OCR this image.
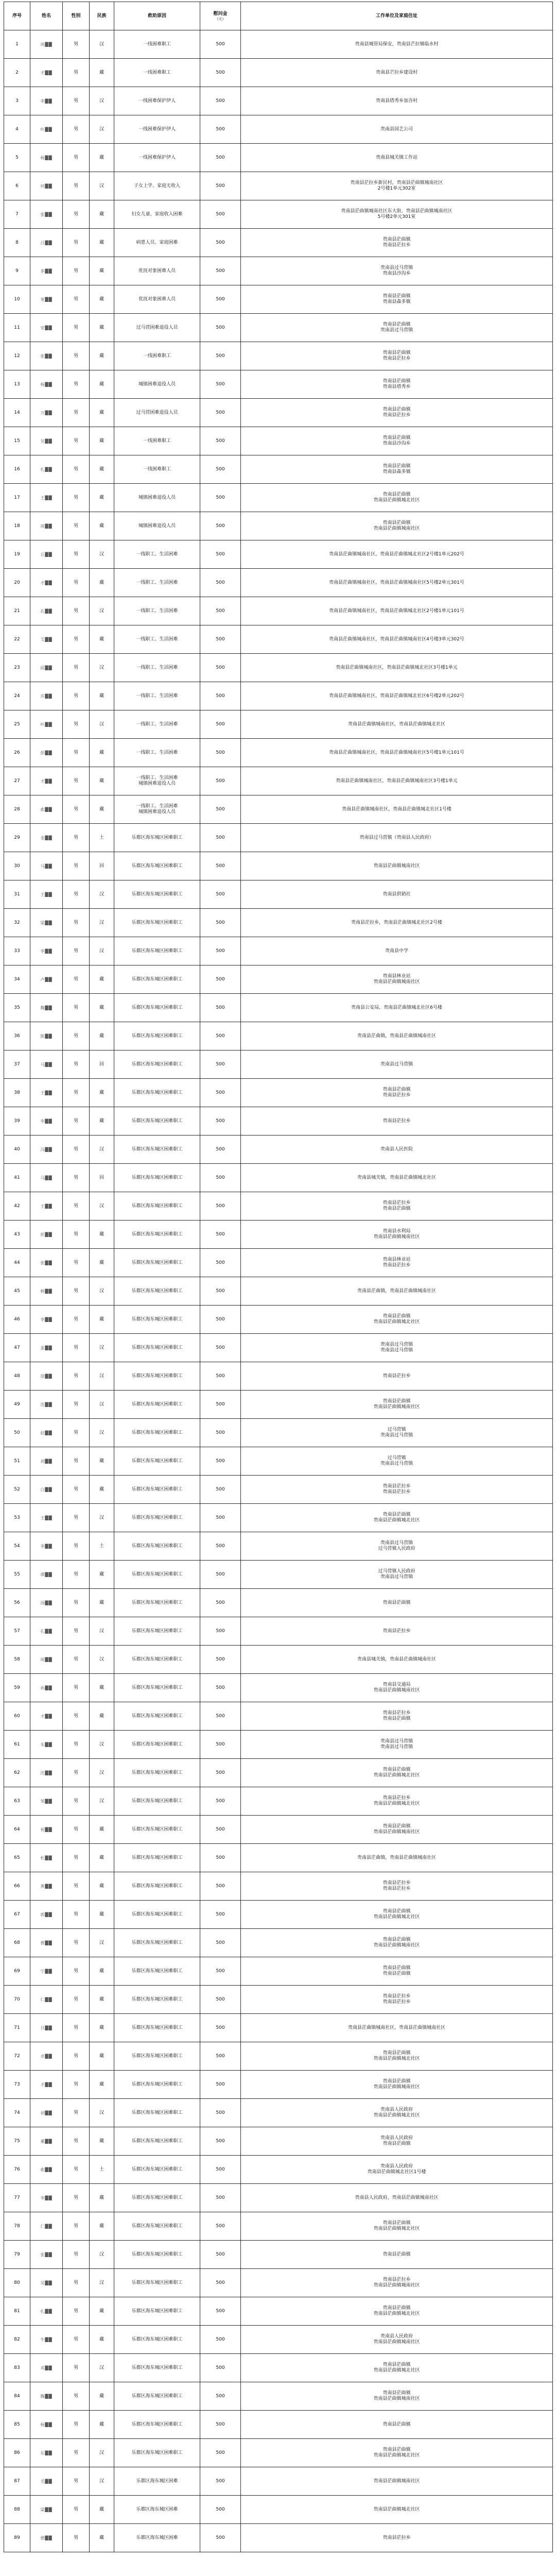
序号	姓名	性别	民族	救助原因	慰问金
（元）	工作单位及家庭住址
1	周██	男	汉	一线困难职工	500	贵南县城管局保安，贵南县芒拉镇临水村
2	才██	男	藏	一线困难职工	500	贵南县芒拉乡建设村
3	李██	男	汉	一线困难保护伊人	500	贵南县塔秀乡加吾村
4	叶██	男	汉	一线困难保护伊人	500	贵南县园艺公司
5	杨██	男	藏	一线困难保护伊人	500	贵南县城关镇工作站
6	何██	男	汉	子女上学、家庭无收入	500	贵南县茫拉乡新民村，贵南县茫曲镇城南社区
2号楼1单元302室
7	张██	男	藏	妇女儿童、家庭收入困难	500	贵南县茫曲镇城南社区东大街，贵南县茫曲镇城南社区
5号楼2单元301室
8	吕██	男	藏	病患人员、家庭困难	500	贵南县茫曲镇
贵南县茫拉乡
9	多██	男	藏	优抚对象困难人员	500	贵南县过马营镇
贵南县沙沟乡
10	更██	男	藏	优抚对象困难人员	500	贵南县茫曲镇
贵南县森多镇
11	安██	男	藏	过马营困难退役人员	500	贵南县茫曲镇
贵南县过马营镇
12	张██	男	藏	一线困难职工	500	贵南县茫曲镇
贵南县茫拉乡
13	杨██	男	藏	城镇困难退役人员	500	贵南县茫曲镇
贵南县塔秀乡
14	万██	男	藏	过马营困难退役人员	500	贵南县茫曲镇
贵南县茫拉乡
15	吴██	男	藏	一线困难职工	500	贵南县茫曲镇
贵南县沙沟乡
16	扎██	男	藏	一线困难职工	500	贵南县茫曲镇
贵南县森多镇
17	王██	男	藏	城镇困难退役人员	500	贵南县茫曲镇
贵南县茫曲镇城北社区
18	周██	男	藏	城镇困难退役人员	500	贵南县茫曲镇
贵南县茫曲镇城南社区
19	丘██	男	汉	一线职工、生活困难	500	贵南县茫曲镇城南社区，贵南县茫曲镇城北社区2号楼1单元202号
20	才██	男	藏	一线职工、生活困难	500	贵南县茫曲镇城南社区，贵南县茫曲镇城南社区5号楼2单元301号
21	孔██	男	汉	一线职工、生活困难	500	贵南县茫曲镇城南社区，贵南县茫曲镇城北社区2号楼1单元101号
22	艾██	男	藏	一线职工、生活困难	500	贵南县茫曲镇城南社区，贵南县茫曲镇城南社区4号楼3单元302号
23	邱██	男	汉	一线职工、生活困难	500	贵南县茫曲镇城南社区，贵南县茫曲镇城北社区3号楼1单元
24	许██	男	藏	一线职工、生活困难	500	贵南县茫曲镇城南社区，贵南县茫曲镇城北社区6号楼2单元202号
25	叶██	男	汉	一线职工、生活困难	500	贵南县茫曲镇城南社区，贵南县茫曲镇城北社区
26	彭██	男	藏	一线职工、生活困难	500	贵南县茫曲镇城南社区，贵南县茫曲镇城南社区5号楼1单元101号
27	才██	男	藏	一线职工、生活困难
城镇困难退役人员	500	贵南县茫曲镇城南社区，贵南县茫曲镇城南社区3号楼1单元
28	索██	男	藏	一线职工、生活困难
城镇困难退役人员	500	贵南县茫曲镇城南社区，贵南县茫曲镇城北社区1号楼
29	金██	男	土	乐都区海东城区困难职工	500	贵南县过马营镇（贵南县人民政府）
30	马██	男	回	乐都区海东城区困难职工	500	贵南县茫曲镇城南社区
31	王██	男	汉	乐都区海东城区困难职工	500	贵南县供销社
32	梁██	男	汉	乐都区海东城区困难职工	500	贵南县茫拉乡，贵南县茫曲镇城北社区2号楼
33	李██	男	汉	乐都区海东城区困难职工	500	贵南县中学
34	卢██	男	藏	乐都区海东城区困难职工	500	贵南县林业站
贵南县茫曲镇城南社区
35	魏██	男	藏	乐都区海东城区困难职工	500	贵南县公安局，贵南县茫曲镇城北社区6号楼
36	陈██	男	藏	乐都区海东城区困难职工	500	贵南县茫曲镇，贵南县茫曲镇城南社区
37	马██	男	回	乐都区海东城区困难职工	500	贵南县过马营镇
38	王██	男	藏	乐都区海东城区困难职工	500	贵南县茫曲镇
贵南县茫拉乡
39	李██	男	藏	乐都区海东城区困难职工	500	贵南县茫拉乡
40	冯██	男	汉	乐都区海东城区困难职工	500	贵南县人民医院
41	马██	男	回	乐都区海东城区困难职工	500	贵南县城关镇，贵南县茫曲镇城北社区
42	王██	男	汉	乐都区海东城区困难职工	500	贵南县茫拉乡
贵南县茫曲镇
43	彭██	男	藏	乐都区海东城区困难职工	500	贵南县水利局
贵南县茫曲镇城南社区
44	张██	男	藏	乐都区海东城区困难职工	500	贵南县林业站
贵南县茫拉乡
45	韩██	男	汉	乐都区海东城区困难职工	500	贵南县茫曲镇，贵南县茫曲镇城南社区
46	李██	男	藏	乐都区海东城区困难职工	500	贵南县茫曲镇
贵南县茫曲镇城北社区
47	姜██	男	汉	乐都区海东城区困难职工	500	贵南县过马营镇
贵南县过马营镇
48	徐██	男	汉	乐都区海东城区困难职工	500	贵南县茫拉乡
49	范██	男	汉	乐都区海东城区困难职工	500	贵南县茫曲镇
贵南县茫曲镇城南社区
50	赵██	男	汉	乐都区海东城区困难职工	500	过马营镇
贵南县过马营镇
51	刘██	男	藏	乐都区海东城区困难职工	500	过马营镇
贵南县过马营镇
52	白██	男	藏	乐都区海东城区困难职工	500	贵南县茫拉乡
贵南县茫拉乡
53	王██	男	汉	乐都区海东城区困难职工	500	贵南县茫曲镇
贵南县茫曲镇城北社区
54	李██	男	土	乐都区海东城区困难职工	500	贵南县过马营镇
过马营镇人民政府
55	谭██	男	藏	乐都区海东城区困难职工	500	过马营镇人民政府
贵南县过马营镇
56	汤██	男	藏	乐都区海东城区困难职工	500	贵南县茫曲镇
57	孔██	男	汉	乐都区海东城区困难职工	500	贵南县茫拉乡
58	周██	男	汉	乐都区海东城区困难职工	500	贵南县城关镇，贵南县茫曲镇城南社区
59	孙██	男	藏	乐都区海东城区困难职工	500	贵南县交通局
贵南县茫曲镇城南社区
60	才██	男	藏	乐都区海东城区困难职工	500	贵南县茫拉乡
贵南县茫曲镇
61	朱██	男	汉	乐都区海东城区困难职工	500	贵南县过马营镇
贵南县过马营镇
62	沈██	男	汉	乐都区海东城区困难职工	500	贵南县茫曲镇
贵南县茫曲镇城北社区
63	邹██	男	汉	乐都区海东城区困难职工	500	贵南县茫拉乡
贵南县茫曲镇城北社区
64	祝██	男	藏	乐都区海东城区困难职工	500	贵南县茫曲镇
贵南县茫曲镇城南社区
65	杜██	男	藏	乐都区海东城区困难职工	500	贵南县茫曲镇，贵南县茫曲镇城南社区
66	黄██	男	藏	乐都区海东城区困难职工	500	贵南县茫拉乡
贵南县茫拉乡
67	郭██	男	藏	乐都区海东城区困难职工	500	贵南县茫曲镇
贵南县茫曲镇城北社区
68	曹██	男	汉	乐都区海东城区困难职工	500	贵南县茫曲镇
贵南县茫曲镇城南社区
69	宁██	男	藏	乐都区海东城区困难职工	500	贵南县茫曲镇
贵南县茫曲镇
70	仁██	男	藏	乐都区海东城区困难职工	500	贵南县茫拉乡
贵南县茫拉乡
71	旦██	男	藏	乐都区海东城区困难职工	500	贵南县茫曲镇城南社区，贵南县茫曲镇城南社区
72	卓██	男	藏	乐都区海东城区困难职工	500	贵南县茫曲镇
贵南县茫曲镇城北社区
73	才██	男	藏	乐都区海东城区困难职工	500	贵南县茫曲镇
贵南县茫曲镇城南社区
74	刘██	男	汉	乐都区海东城区困难职工	500	贵南县人民政府
贵南县茫曲镇城北社区
75	董██	男	藏	乐都区海东城区困难职工	500	贵南县人民政府
贵南县茫曲镇
76	索██	男	土	乐都区海东城区困难职工	500	贵南县人民政府
贵南县茫曲镇城北社区1号楼
77	李██	男	藏	乐都区海东城区困难职工	500	贵南县人民政府，贵南县茫曲镇城南社区
78	仁██	男	藏	乐都区海东城区困难职工	500	贵南县茫曲镇
贵南县茫曲镇城北社区
79	张██	男	汉	乐都区海东城区困难职工	500	贵南县茫曲镇
80	吴██	男	汉	乐都区海东城区困难职工	500	贵南县茫拉乡
贵南县茫曲镇城南社区
81	扎██	男	藏	乐都区海东城区困难职工	500	贵南县茫曲镇
贵南县茫曲镇城北社区
82	牛██	男	藏	乐都区海东城区困难职工	500	贵南县人民政府
贵南县茫曲镇城南社区
83	邓██	男	汉	乐都区海东城区困难职工	500	贵南县茫曲镇
贵南县茫曲镇城北社区
84	魏██	男	藏	乐都区海东城区困难职工	500	贵南县茫曲镇
贵南县茫曲镇城南社区
85	杨██	男	藏	乐都区海东城区困难职工	500	贵南县茫曲镇
86	东██	男	汉	乐都区海东城区困难职工	500	贵南县茫曲镇
贵南县茫曲镇城北社区
87	毛██	男	汉	乐都区海东城区困难	500	贵南县茫曲镇城南社区
88	梁██	男	藏	乐都区海东城区困难	500	贵南县茫曲镇城北社区
89	德██	男	藏	乐都区海东城区困难	500	贵南县茫拉乡
